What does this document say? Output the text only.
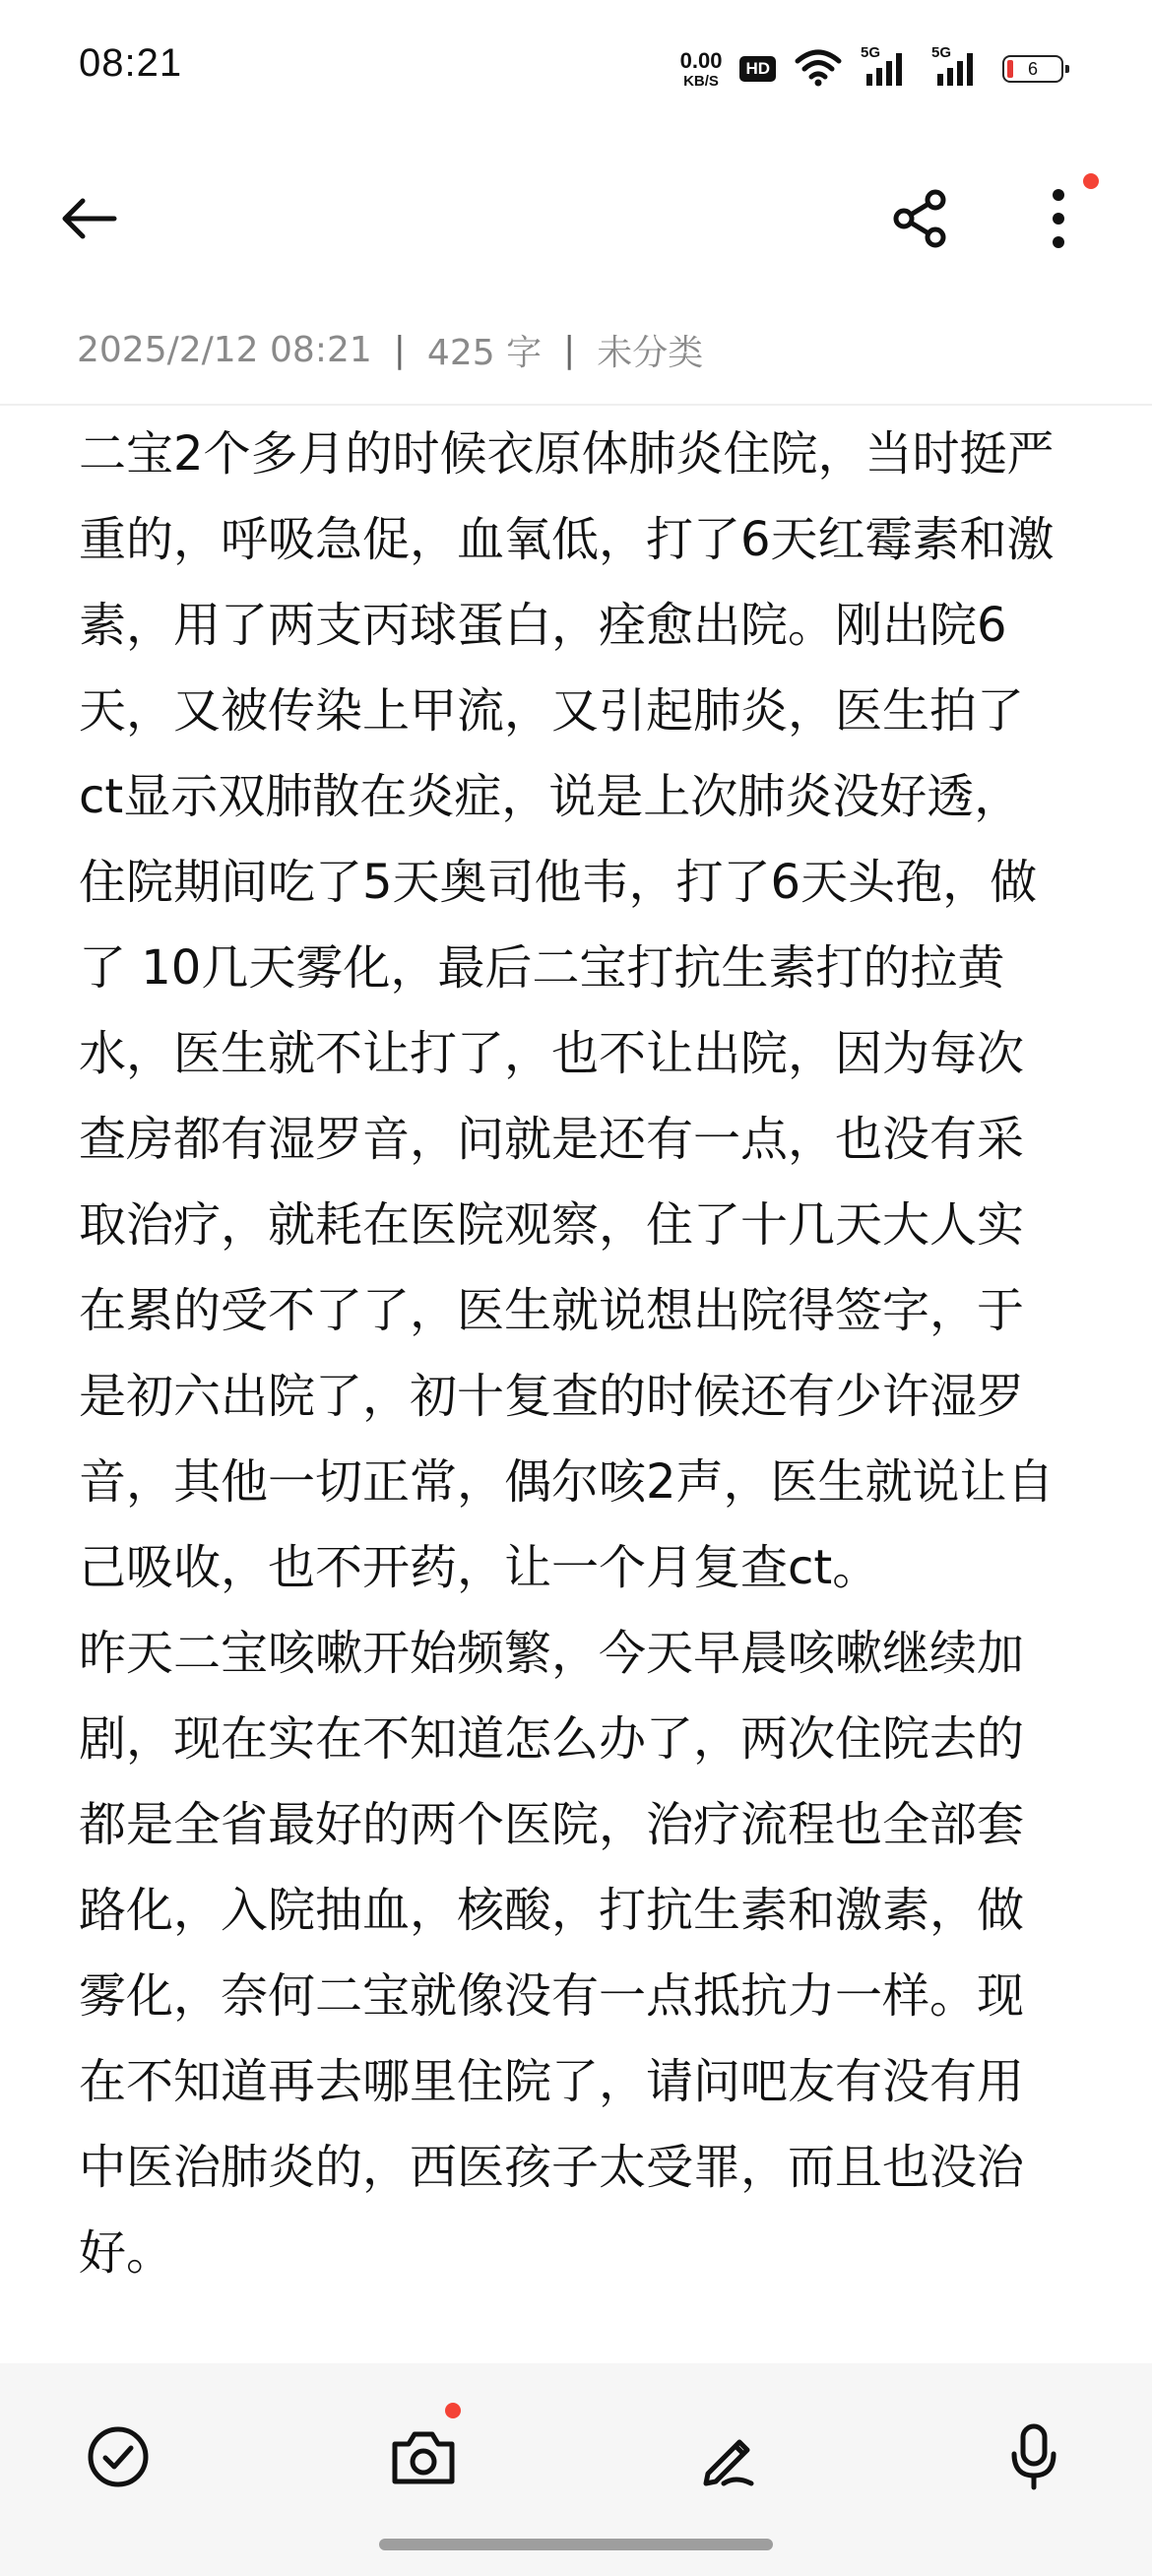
08:21	0.00
KB/S
HD
5G	5G
6
2025/2/12 08:21 | 425 字 | 未分类

二宝2个多月的时候衣原体肺炎住院，当时挺严重的，呼吸急促，血氧低，打了6天红霉素和激素，用了两支丙球蛋白，痊愈出院。刚出院6天，又被传染上甲流，又引起肺炎，医生拍了ct显示双肺散在炎症，说是上次肺炎没好透，住院期间吃了5天奥司他韦，打了6天头孢，做了 10几天雾化，最后二宝打抗生素打的拉黄水，医生就不让打了，也不让出院，因为每次查房都有湿罗音，问就是还有一点，也没有采取治疗，就耗在医院观察，住了十几天大人实在累的受不了了，医生就说想出院得签字，于是初六出院了，初十复查的时候还有少许湿罗音，其他一切正常，偶尔咳2声，医生就说让自己吸收，也不开药，让一个月复查ct。

昨天二宝咳嗽开始频繁，今天早晨咳嗽继续加剧，现在实在不知道怎么办了，两次住院去的都是全省最好的两个医院，治疗流程也全部套路化，入院抽血，核酸，打抗生素和激素，做雾化，奈何二宝就像没有一点抵抗力一样。现在不知道再去哪里住院了，请问吧友有没有用中医治肺炎的，西医孩子太受罪，而且也没治好。
